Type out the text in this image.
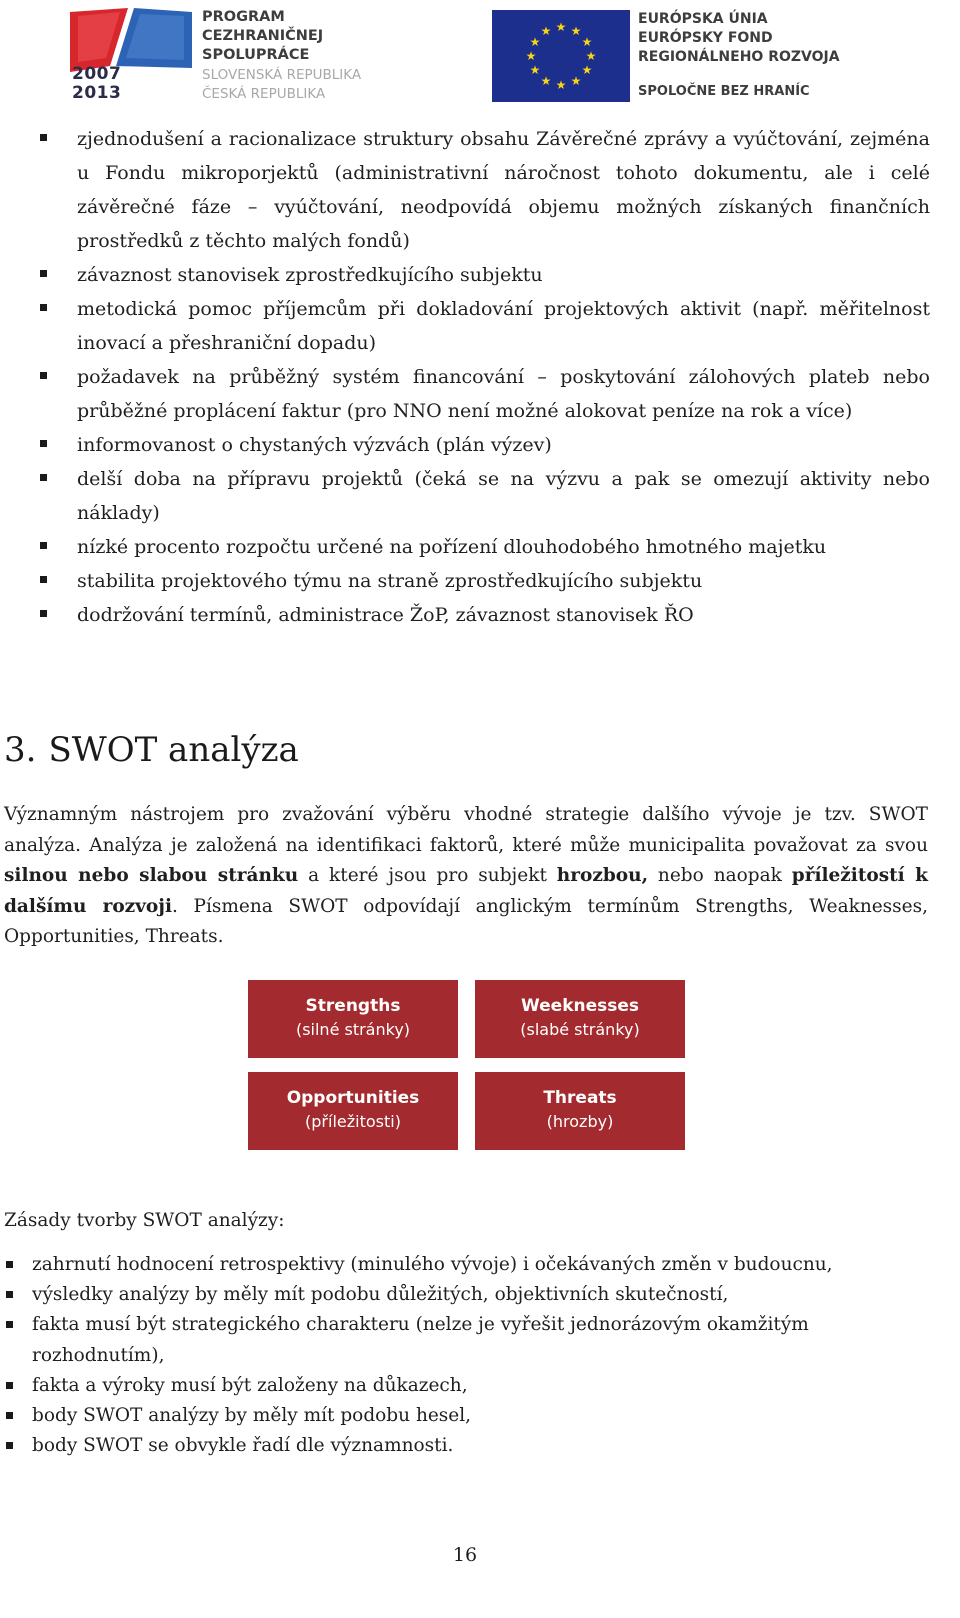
2007
2013
PROGRAM
CEZHRANIČNEJ
SPOLUPRÁCE
SLOVENSKÁ REPUBLIKA
ČESKÁ REPUBLIKA
★ ★
★
★
★
★
★
★
★
★
★
★
EURÓPSKA ÚNIA
EURÓPSKY FOND
REGIONÁLNEHO ROZVOJA
SPOLOČNE BEZ HRANÍC
zjednodušení a racionalizace struktury obsahu Závěrečné zprávy a vyúčtování, zejména u Fondu mikroporjektů (administrativní náročnost tohoto dokumentu, ale i celé závěrečné fáze – vyúčtování, neodpovídá objemu možných získaných finančních prostředků z těchto malých fondů)
závaznost stanovisek zprostředkujícího subjektu
metodická pomoc příjemcům při dokladování projektových aktivit (např. měřitelnost inovací a přeshraniční dopadu)
požadavek na průběžný systém financování – poskytování zálohových plateb nebo průběžné proplácení faktur (pro NNO není možné alokovat peníze na rok a více)
informovanost o chystaných výzvách (plán výzev)
delší doba na přípravu projektů (čeká se na výzvu a pak se omezují aktivity nebo náklady)
nízké procento rozpočtu určené na pořízení dlouhodobého hmotného majetku
stabilita projektového týmu na straně zprostředkujícího subjektu
dodržování termínů, administrace ŽoP, závaznost stanovisek ŘO
3. SWOT analýza

Významným nástrojem pro zvažování výběru vhodné strategie dalšího vývoje je tzv. SWOT analýza. Analýza je založená na identifikaci faktorů, které může municipalita považovat za svou silnou nebo slabou stránku a které jsou pro subjekt hrozbou, nebo naopak příležitostí k dalšímu rozvoji. Písmena SWOT odpovídají anglickým termínům Strengths, Weaknesses, Opportunities, Threats.

Strengths
(silné stránky)
Weeknesses
(slabé stránky)
Opportunities
(příležitosti)
Threats
(hrozby)

Zásady tvorby SWOT analýzy:

zahrnutí hodnocení retrospektivy (minulého vývoje) i očekávaných změn v budoucnu,
výsledky analýzy by měly mít podobu důležitých, objektivních skutečností,
fakta musí být strategického charakteru (nelze je vyřešit jednorázovým okamžitým rozhodnutím),
fakta a výroky musí být založeny na důkazech,
body SWOT analýzy by měly mít podobu hesel,
body SWOT se obvykle řadí dle významnosti.
16
